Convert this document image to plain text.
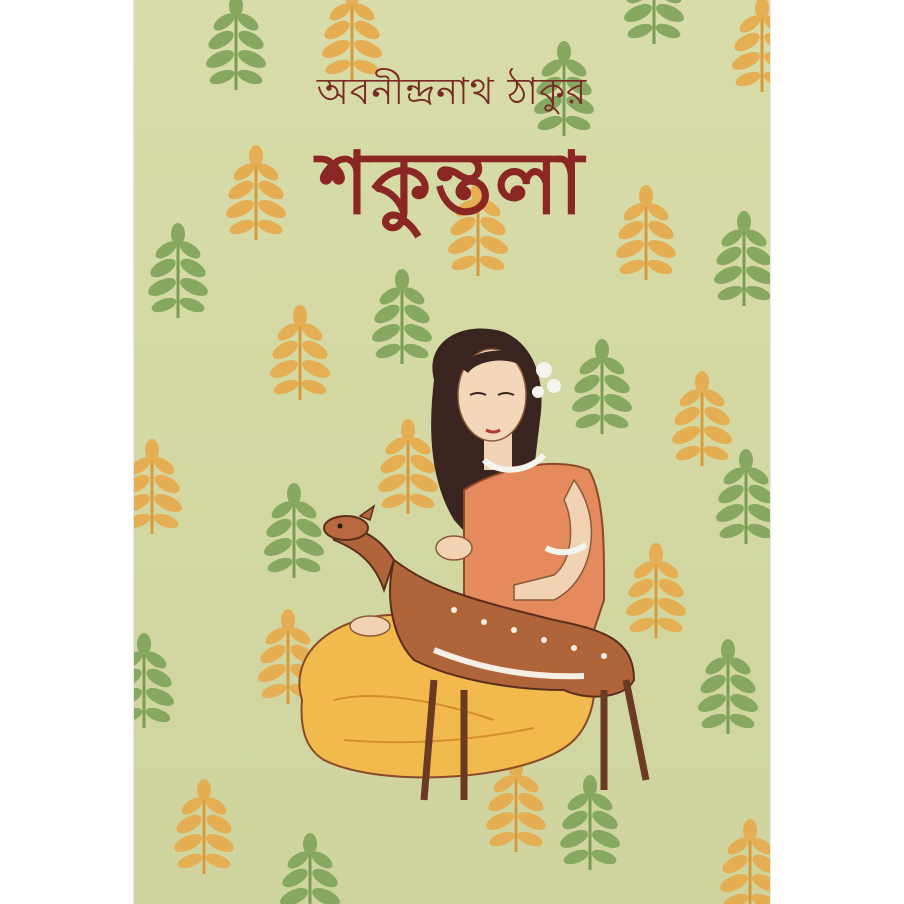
অবনীন্দ্রনাথ ঠাকুর
শকুন্তলা
